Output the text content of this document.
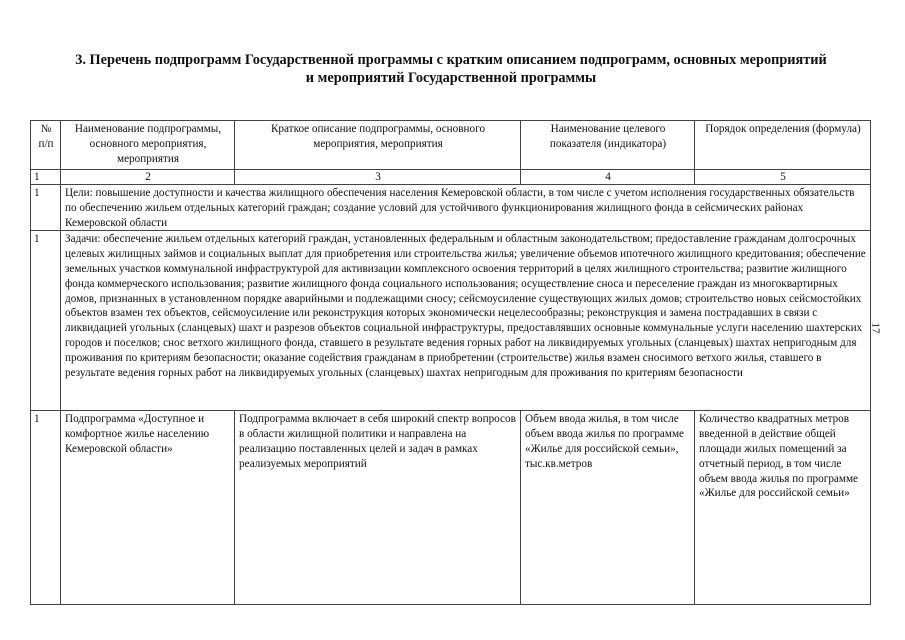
3. Перечень подпрограмм Государственной программы с кратким описанием подпрограмм, основных мероприятий
и мероприятий Государственной программы
17
№ п/п	Наименование подпрограммы, основного мероприятия, мероприятия	Краткое описание подпрограммы, основного мероприятия, мероприятия	Наименование целевого показателя (индикатора)	Порядок определения (формула)
1	2	3	4	5
1	Цели: повышение доступности и качества жилищного обеспечения населения Кемеровской области, в том числе с учетом исполнения государственных обязательств по обеспечению жильем отдельных категорий граждан; создание условий для устойчивого функционирования жилищного фонда в сейсмических районах Кемеровской области			
1	Задачи: обеспечение жильем отдельных категорий граждан, установленных федеральным и областным законодательством; предоставление гражданам долгосрочных целевых жилищных займов и социальных выплат для приобретения или строительства жилья; увеличение объемов ипотечного жилищного кредитования; обеспечение земельных участков коммунальной инфраструктурой для активизации комплексного освоения территорий в целях жилищного строительства; развитие жилищного фонда коммерческого использования; развитие жилищного фонда социального использования; осуществление сноса и переселение граждан из многоквартирных домов, признанных в установленном порядке аварийными и подлежащими сносу; сейсмоусиление существующих жилых домов; строительство новых сейсмостойких объектов взамен тех объектов, сейсмоусиление или реконструкция которых экономически нецелесообразны; реконструкция и замена пострадавших в связи с ликвидацией угольных (сланцевых) шахт и разрезов объектов социальной инфраструктуры, предоставлявших основные коммунальные услуги населению шахтерских городов и поселков; снос ветхого жилищного фонда, ставшего в результате ведения горных работ на ликвидируемых угольных (сланцевых) шахтах непригодным для проживания по критериям безопасности; оказание содействия гражданам в приобретении (строительстве) жилья взамен сносимого ветхого жилья, ставшего в результате ведения горных работ на ликвидируемых угольных (сланцевых) шахтах непригодным для проживания по критериям безопасности			
1	Подпрограмма «Доступное и комфортное жилье населению Кемеровской области»	Подпрограмма включает в себя широкий спектр вопросов в области жилищной политики и направлена на реализацию поставленных целей и задач в рамках реализуемых мероприятий	Объем ввода жилья, в том числе объем ввода жилья по программе «Жилье для российской семьи», тыс.кв.метров	Количество квадратных метров введенной в действие общей площади жилых помещений за отчетный период, в том числе объем ввода жилья по программе «Жилье для российской семьи»
